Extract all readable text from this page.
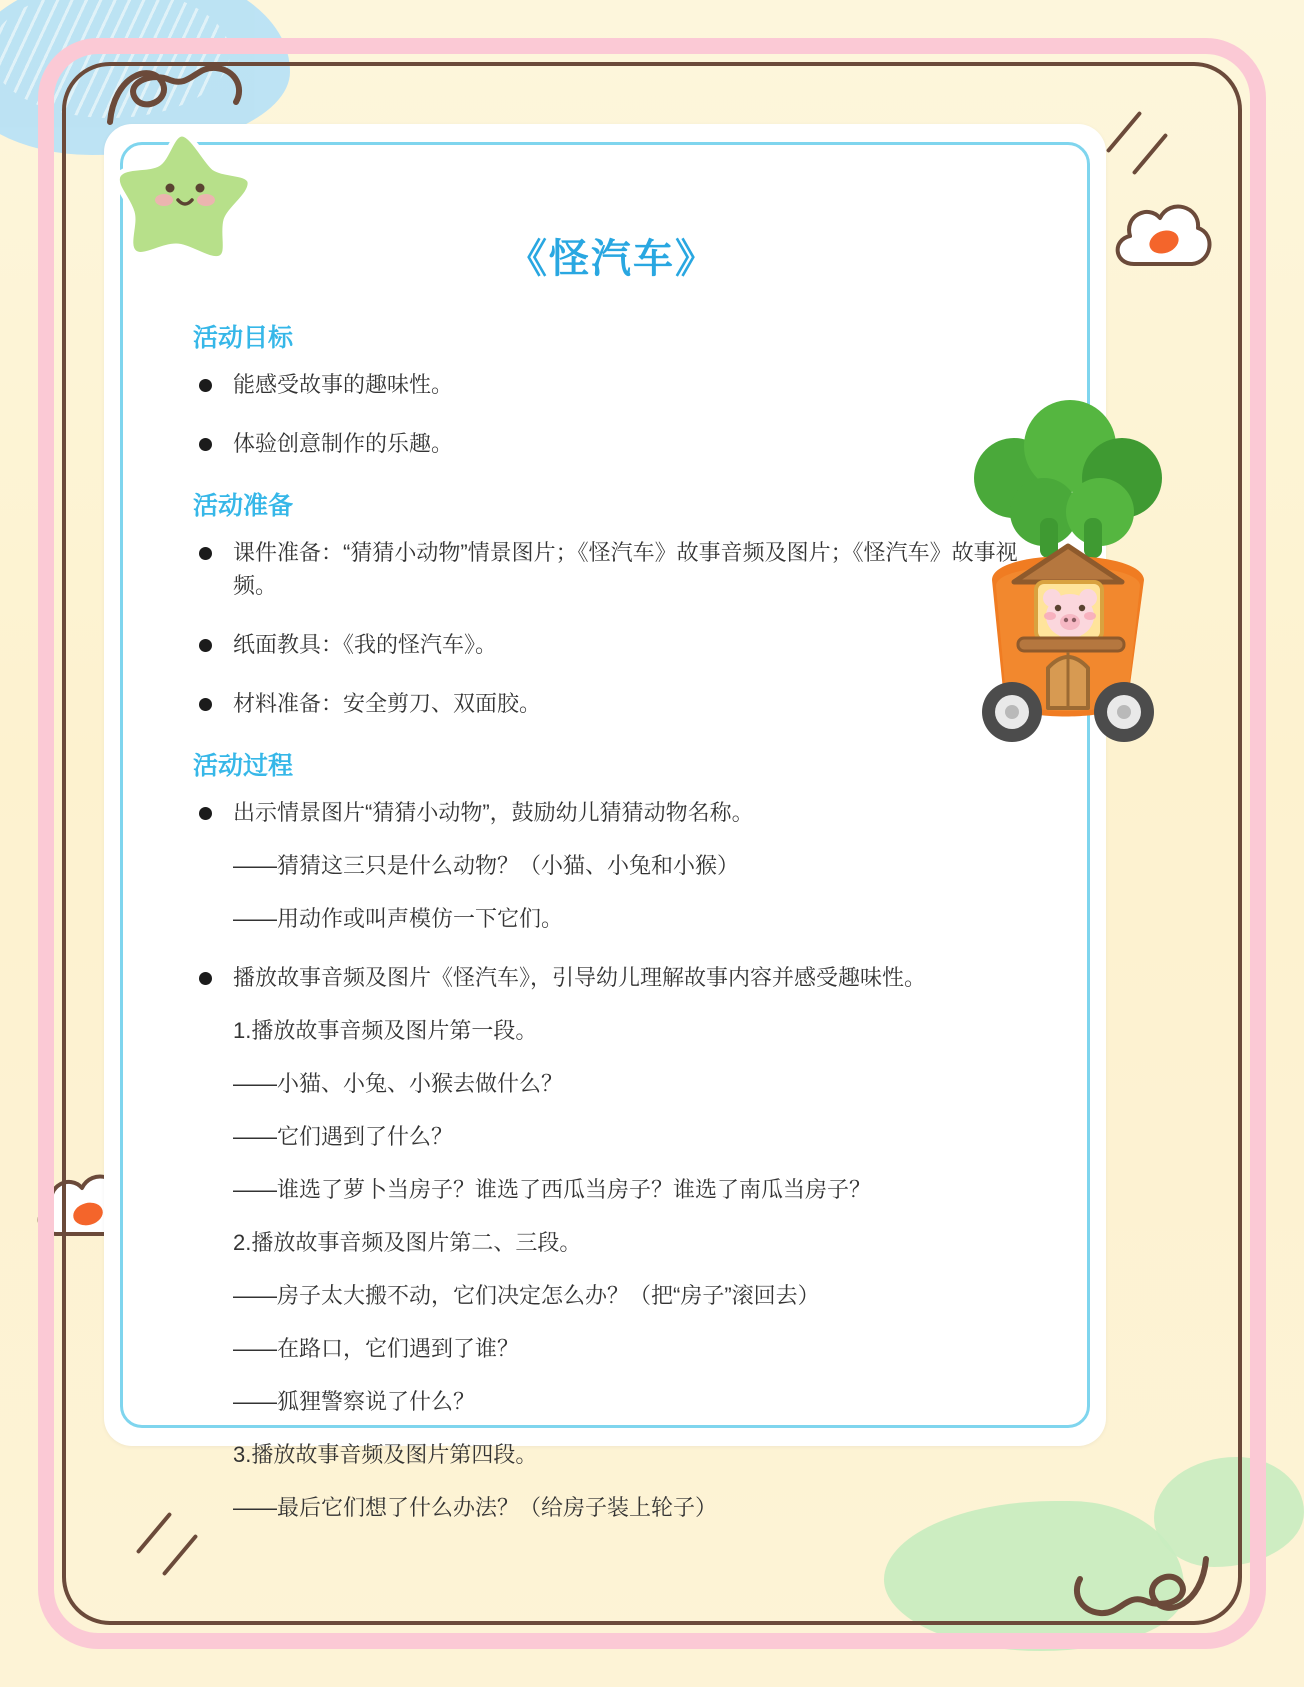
《怪汽车》
活动目标
能感受故事的趣味性。
体验创意制作的乐趣。
活动准备
课件准备：“猜猜小动物”情景图片；《怪汽车》故事音频及图片；《怪汽车》故事视频。
纸面教具：《我的怪汽车》。
材料准备：安全剪刀、双面胶。
活动过程
出示情景图片“猜猜小动物”，鼓励幼儿猜猜动物名称。
——猜猜这三只是什么动物？（小猫、小兔和小猴）
——用动作或叫声模仿一下它们。
播放故事音频及图片《怪汽车》，引导幼儿理解故事内容并感受趣味性。
1.播放故事音频及图片第一段。
——小猫、小兔、小猴去做什么？
——它们遇到了什么？
——谁选了萝卜当房子？谁选了西瓜当房子？谁选了南瓜当房子？
2.播放故事音频及图片第二、三段。
——房子太大搬不动，它们决定怎么办？（把“房子”滚回去）
——在路口，它们遇到了谁？
——狐狸警察说了什么？
3.播放故事音频及图片第四段。
——最后它们想了什么办法？（给房子装上轮子）
